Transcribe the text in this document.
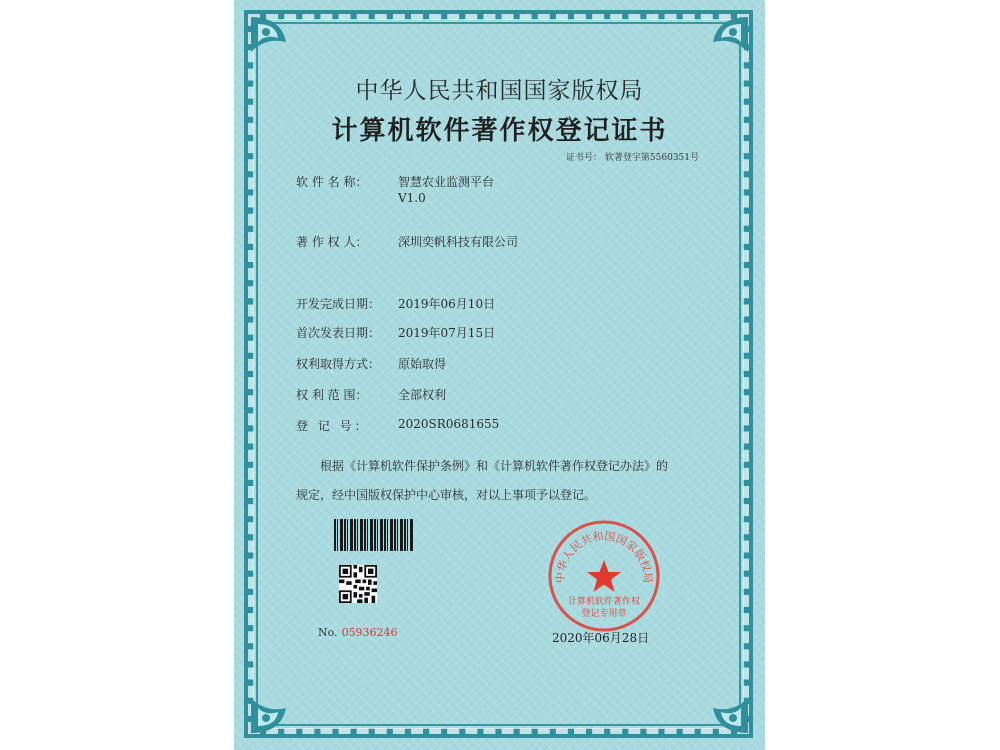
中华人民共和国国家版权局
计算机软件著作权登记证书
证书号： 软著登字第5560351号
软 件 名 称：	智慧农业监测平台
V1.0
著 作 权 人：	深圳奕帆科技有限公司
开发完成日期： 2019年06月10日
首次发表日期： 2019年07月15日
权利取得方式： 原始取得
权 利 范 围：	全部权利
登 记 号： 2020SR0681655
根据《计算机软件保护条例》和《计算机软件著作权登记办法》的
规定，经中国版权保护中心审核，对以上事项予以登记。
No. 05936246
中华人民共和国国家版权局
计算机软件著作权
登记专用章
2020年06月28日
